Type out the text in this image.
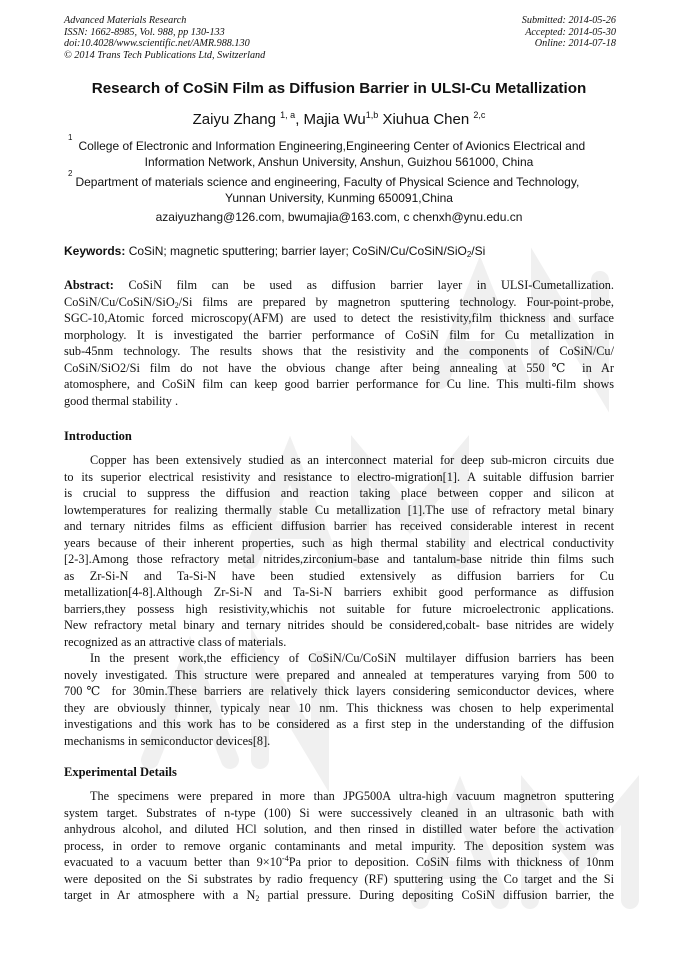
Advanced Materials Research
ISSN: 1662-8985, Vol. 988, pp 130-133
doi:10.4028/www.scientific.net/AMR.988.130
© 2014 Trans Tech Publications Ltd, Switzerland
Submitted: 2014-05-26
Accepted: 2014-05-30
Online: 2014-07-18
Research of CoSiN Film as Diffusion Barrier in ULSI-Cu Metallization
Zaiyu Zhang $^{1, a}$, Majia Wu$^{1,b}$ Xiuhua Chen $^{2,c}$
1
College of Electronic and Information Engineering,Engineering Center of Avionics Electrical and
Information Network, Anshun University, Anshun, Guizhou 561000, China
2
Department of materials science and engineering, Faculty of Physical Science and Technology,
Yunnan University, Kunming 650091,China
azaiyuzhang@126.com, bwumajia@163.com, c chenxh@ynu.edu.cn
Keywords: CoSiN; magnetic sputtering; barrier layer; CoSiN/Cu/CoSiN/SiO$_2$/Si
Abstract: CoSiN film can be used as diffusion barrier layer in ULSI-Cumetallization.
CoSiN/Cu/CoSiN/SiO$_2$/Si films are prepared by magnetron sputtering technology. Four-point-probe,
SGC-10,Atomic forced microscopy(AFM) are used to detect the resistivity,film thickness and surface
morphology. It is investigated the barrier performance of CoSiN film for Cu metallization in
sub-45nm technology. The results shows that the resistivity and the components of CoSiN/Cu/
CoSiN/SiO2/Si film do not have the obvious change after being annealing at 550℃ in Ar
atomosphere, and CoSiN film can keep good barrier performance for Cu line. This multi-film shows
good thermal stability .
Introduction
Copper has been extensively studied as an interconnect material for deep sub-micron circuits due
to its superior electrical resistivity and resistance to electro-migration[1]. A suitable diffusion barrier
is crucial to suppress the diffusion and reaction taking place between copper and silicon at
lowtemperatures for realizing thermally stable Cu metallization [1].The use of refractory metal binary
and ternary nitrides films as efficient diffusion barrier has received considerable interest in recent
years because of their inherent properties, such as high thermal stability and electrical conductivity
[2-3].Among those refractory metal nitrides,zirconium-base and tantalum-base nitride thin films such
as Zr-Si-N and Ta-Si-N have been studied extensively as diffusion barriers for Cu
metallization[4-8].Although Zr-Si-N and Ta-Si-N barriers exhibit good performance as diffusion
barriers,they possess high resistivity,whichis not suitable for future microelectronic applications.
New refractory metal binary and ternary nitrides should be considered,cobalt- base nitrides are widely
recognized as an attractive class of materials.
In the present work,the efficiency of CoSiN/Cu/CoSiN multilayer diffusion barriers has been
novely investigated. This structure were prepared and annealed at temperatures varying from 500 to
700℃ for 30min.These barriers are relatively thick layers considering semiconductor devices, where
they are obviously thinner, typicaly near 10 nm. This thickness was chosen to help experimental
investigations and this work has to be considered as a first step in the understanding of the diffusion
mechanisms in semiconductor devices[8].
Experimental Details
The specimens were prepared in more than JPG500A ultra-high vacuum magnetron sputtering
system target. Substrates of n-type (100) Si were successively cleaned in an ultrasonic bath with
anhydrous alcohol, and diluted HCl solution, and then rinsed in distilled water before the activation
process, in order to remove organic contaminants and metal impurity. The deposition system was
evacuated to a vacuum better than $9\times 10^{-4}Pa$ prior to deposition. CoSiN films with thickness of 10nm
were deposited on the Si substrates by radio frequency (RF) sputtering using the Co target and the Si
target in Ar atmosphere with a $N_2$ partial pressure. During depositing CoSiN diffusion barrier, the
